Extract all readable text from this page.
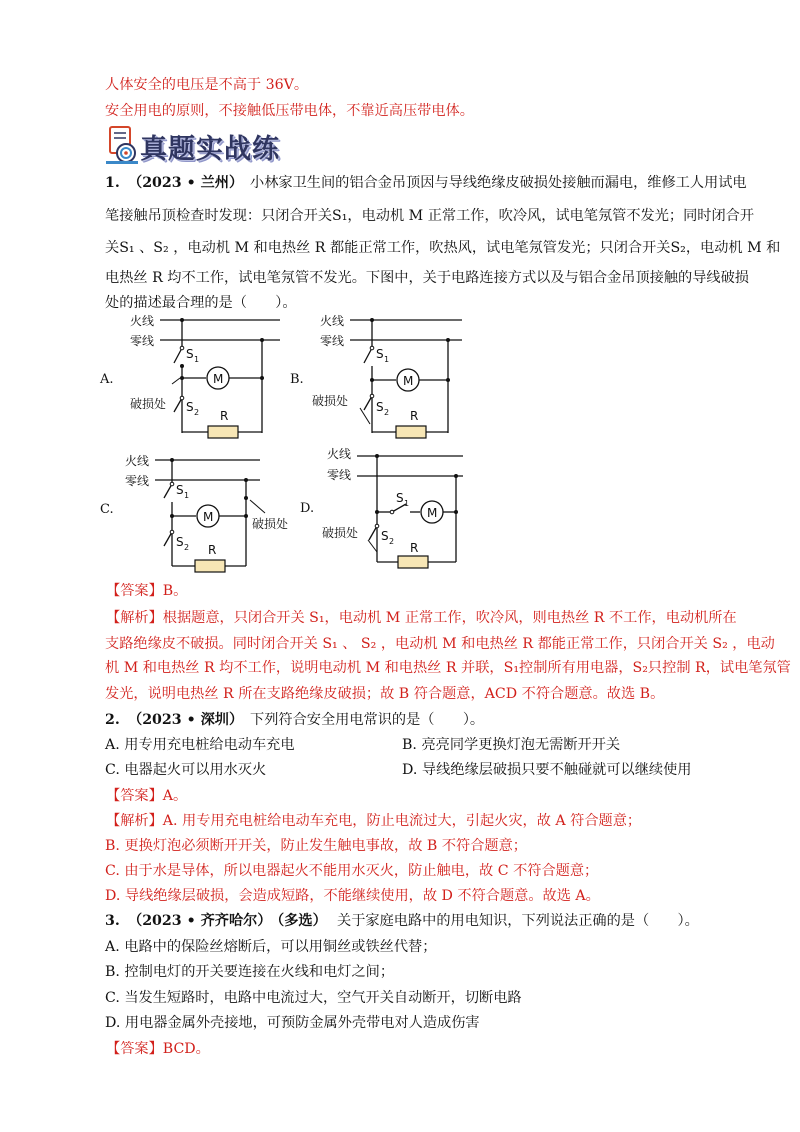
人体安全的电压是不高于 36V。
安全用电的原则，不接触低压带电体，不靠近高压带电体。
真题实战练
1. （2023 • 兰州） 小林家卫生间的铝合金吊顶因与导线绝缘皮破损处接触而漏电，维修工人用试电
笔接触吊顶检查时发现：只闭合开关S₁，电动机 M 正常工作，吹冷风，试电笔氖管不发光；同时闭合开
关S₁ 、S₂ ，电动机 M 和电热丝 R 都能正常工作，吹热风，试电笔氖管发光；只闭合开关S₂，电动机 M 和
电热丝 R 均不工作，试电笔氖管不发光。下图中，关于电路连接方式以及与铝合金吊顶接触的导线破损
处的描述最合理的是（　　）。
A.
火线
零线
S 1
M
破损处 S 2 R
B.
火线
零线
S 1
M
破损处 S 2 R
C.
火线
零线
S 1
M	破损处
S 2 R
D.
火线
零线
S 1
M
破损处 S 2 R
【答案】B。
【解析】根据题意，只闭合开关 S₁，电动机 M 正常工作，吹冷风，则电热丝 R 不工作，电动机所在
支路绝缘皮不破损。同时闭合开关 S₁ 、 S₂ ，电动机 M 和电热丝 R 都能正常工作，只闭合开关 S₂ ，电动
机 M 和电热丝 R 均不工作，说明电动机 M 和电热丝 R 并联，S₁控制所有用电器，S₂只控制 R，试电笔氖管
发光，说明电热丝 R 所在支路绝缘皮破损；故 B 符合题意，ACD 不符合题意。故选 B。
2. （2023 • 深圳） 下列符合安全用电常识的是（　　）。
A. 用专用充电桩给电动车充电	B. 亮亮同学更换灯泡无需断开开关
C. 电器起火可以用水灭火	D. 导线绝缘层破损只要不触碰就可以继续使用
【答案】A。
【解析】A. 用专用充电桩给电动车充电，防止电流过大，引起火灾，故 A 符合题意；
B. 更换灯泡必须断开开关，防止发生触电事故，故 B 不符合题意；
C. 由于水是导体，所以电器起火不能用水灭火，防止触电，故 C 不符合题意；
D. 导线绝缘层破损，会造成短路，不能继续使用，故 D 不符合题意。故选 A。
3. （2023 • 齐齐哈尔）
（多选） 关于家庭电路中的用电知识，下列说法正确的是（　　）。
A. 电路中的保险丝熔断后，可以用铜丝或铁丝代替；
B. 控制电灯的开关要连接在火线和电灯之间；
C. 当发生短路时，电路中电流过大，空气开关自动断开，切断电路
D. 用电器金属外壳接地，可预防金属外壳带电对人造成伤害
【答案】BCD。
